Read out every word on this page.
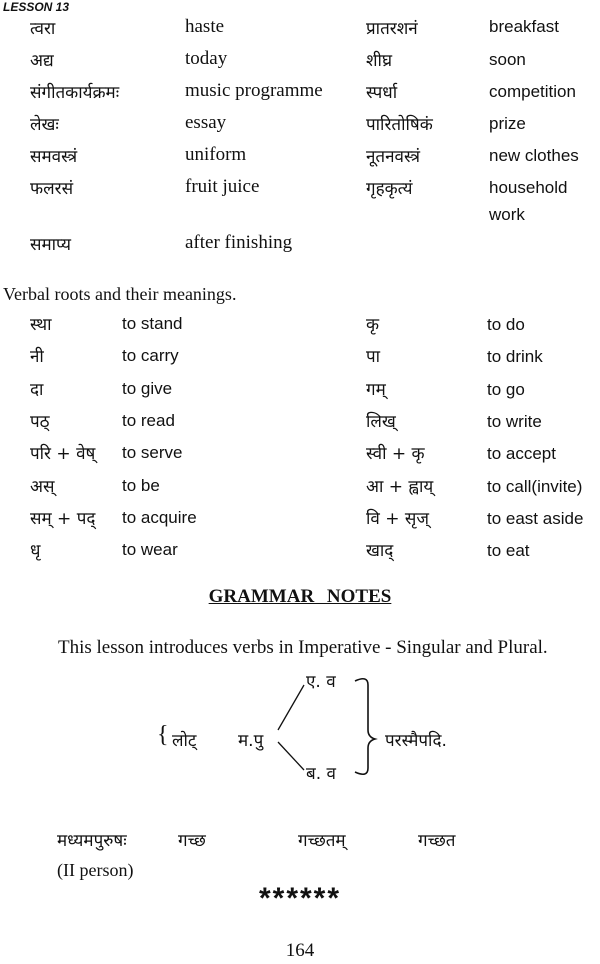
LESSON 13
त्वरा	haste	प्रातरशनं	breakfast
अद्य	today	शीघ्र	soon
संगीतकार्यक्रमः	music programme	स्पर्धा	competition
लेखः	essay	पारितोषिकं	prize
समवस्त्रं	uniform	नूतनवस्त्रं	new clothes
फलरसं	fruit juice	गृहकृत्यं	household
work
समाप्य	after finishing
Verbal roots and their meanings.
स्था	to stand	कृ	to do
नी	to carry	पा	to drink
दा	to give	गम्	to go
पठ्	to read	लिख्	to write
परि + वेष् to serve	स्वी + कृ	to accept
अस्	to be	आ + ह्वाय्	to call(invite)
सम् + पद् to acquire	वि + सृज्	to east aside
धृ	to wear	खाद्	to eat
GRAMMAR NOTES
This lesson introduces verbs in Imperative - Singular and Plural.
{ लोट् म.पु
ए. व
ब. व
परस्मैपदि.
मध्यमपुरुषः	गच्छ	गच्छतम्	गच्छत
(II person)
******
164
